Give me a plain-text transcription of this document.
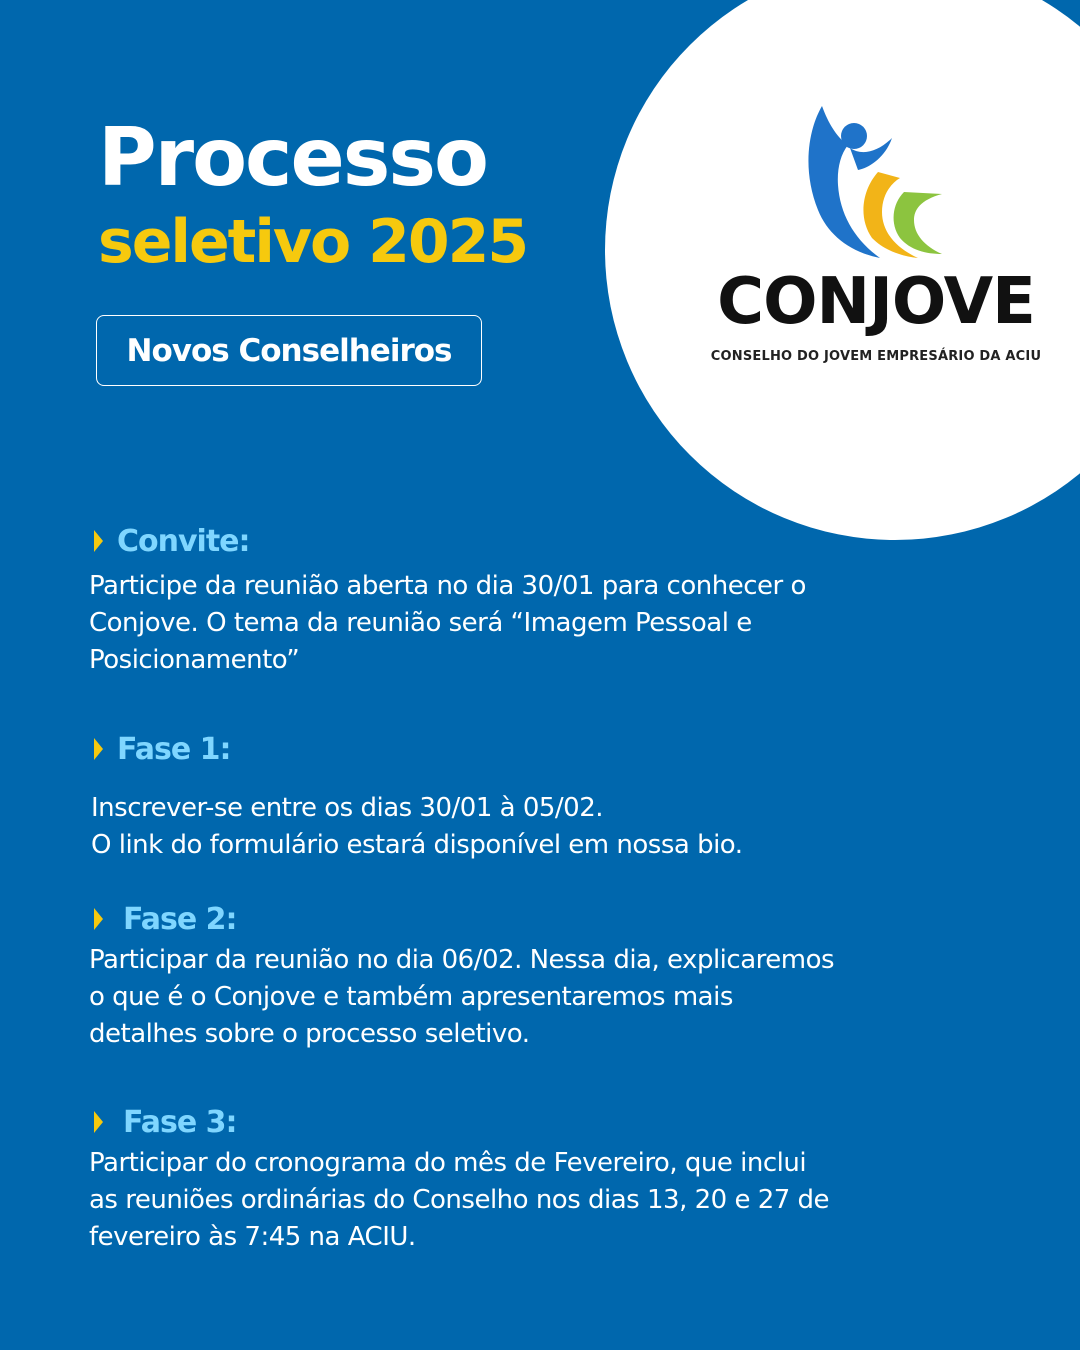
CONJOVE
CONSELHO DO JOVEM EMPRESÁRIO DA ACIU
Processo
seletivo 2025
Novos Conselheiros
Convite:
Participe da reunião aberta no dia 30/01 para conhecer o
Conjove. O tema da reunião será “Imagem Pessoal e
Posicionamento”
Fase 1:
Inscrever-se entre os dias 30/01 à 05/02.
O link do formulário estará disponível em nossa bio.
Fase 2:
Participar da reunião no dia 06/02. Nessa dia, explicaremos
o que é o Conjove e também apresentaremos mais
detalhes sobre o processo seletivo.
Fase 3:
Participar do cronograma do mês de Fevereiro, que inclui
as reuniões ordinárias do Conselho nos dias 13, 20 e 27 de
fevereiro às 7:45 na ACIU.
